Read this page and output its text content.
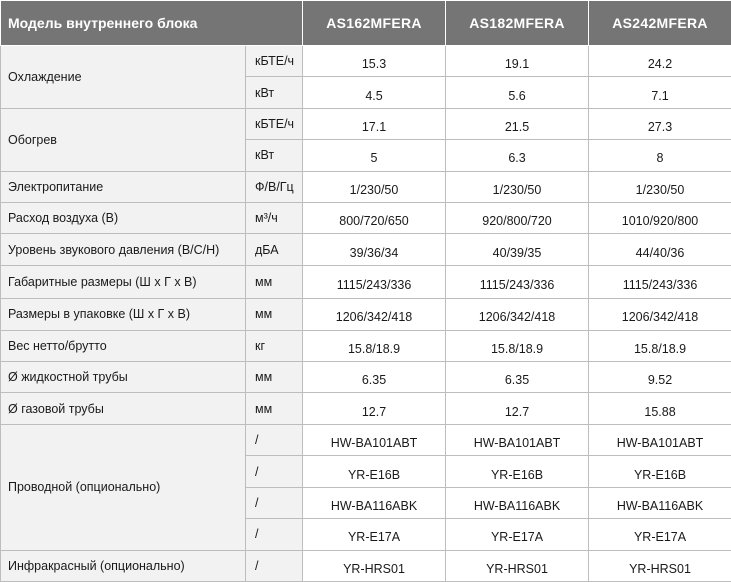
Модель внутреннего блока		AS162MFERA	AS182MFERA	AS242MFERA
Охлаждение	кБТЕ/ч	15.3	19.1	24.2
	кВт	4.5	5.6	7.1
Обогрев	кБТЕ/ч	17.1	21.5	27.3
	кВт	5	6.3	8
Электропитание	Ф/В/Гц	1/230/50	1/230/50	1/230/50
Расход воздуха (В)	м³/ч	800/720/650	920/800/720	1010/920/800
Уровень звукового давления (В/С/Н)	дБА	39/36/34	40/39/35	44/40/36
Габаритные размеры (Ш х Г х В)	мм	1115/243/336	1115/243/336	1115/243/336
Размеры в упаковке (Ш х Г х В)	мм	1206/342/418	1206/342/418	1206/342/418
Вес нетто/брутто	кг	15.8/18.9	15.8/18.9	15.8/18.9
Ø жидкостной трубы	мм	6.35	6.35	9.52
Ø газовой трубы	мм	12.7	12.7	15.88
Проводной (опционально)	/	HW-BA101ABT	HW-BA101ABT	HW-BA101ABT
	/	YR-E16B	YR-E16B	YR-E16B
	/	HW-BA116ABK	HW-BA116ABK	HW-BA116ABK
	/	YR-E17A	YR-E17A	YR-E17A
Инфракрасный (опционально)	/	YR-HRS01	YR-HRS01	YR-HRS01
